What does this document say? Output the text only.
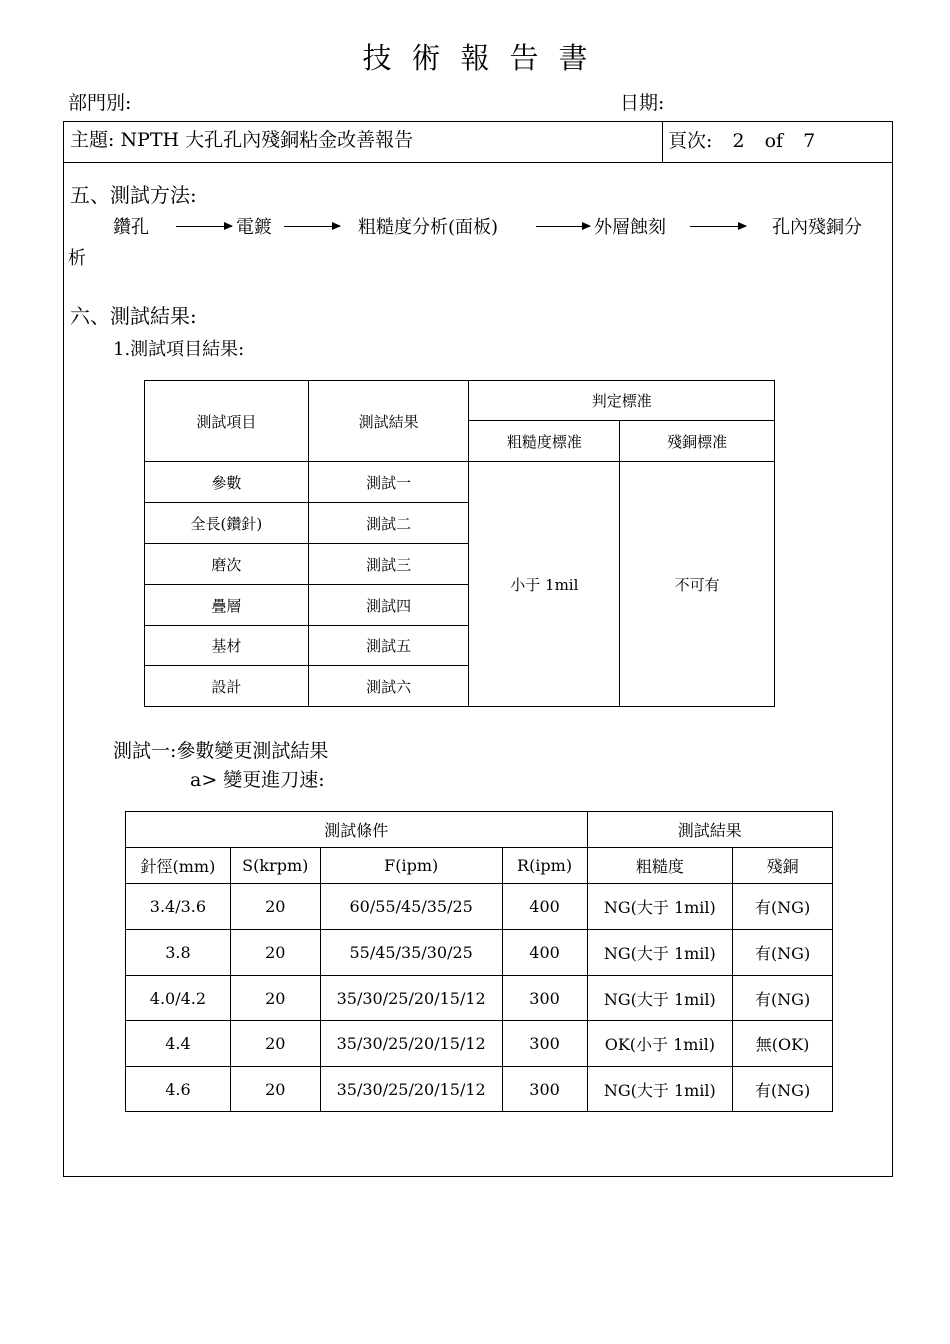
技術報告書
部門別:	日期:
主題: NPTH 大孔孔內殘銅粘金改善報告	頁次: 2 of 7
五、測試方法:
鑽孔	電鍍	粗糙度分析(面板)	外層蝕刻	孔內殘銅分
析
六、測試結果:
1.測試項目結果:
測試項目	測試結果	判定標准	
		粗糙度標准	殘銅標准
參數	測試一	小于 1mil	不可有
全長(鑽針)	測試二		
磨次	測試三		
疊層	測試四		
基材	測試五		
設計	測試六		
測試一:參數變更測試結果
a> 變更進刀速:
測試條件				測試結果	
針徑(mm)	S(krpm)	F(ipm)	R(ipm)	粗糙度	殘銅
3.4/3.6	20	60/55/45/35/25	400	NG(大于 1mil)	有(NG)
3.8	20	55/45/35/30/25	400	NG(大于 1mil)	有(NG)
4.0/4.2	20	35/30/25/20/15/12	300	NG(大于 1mil)	有(NG)
4.4	20	35/30/25/20/15/12	300	OK(小于 1mil)	無(OK)
4.6	20	35/30/25/20/15/12	300	NG(大于 1mil)	有(NG)
